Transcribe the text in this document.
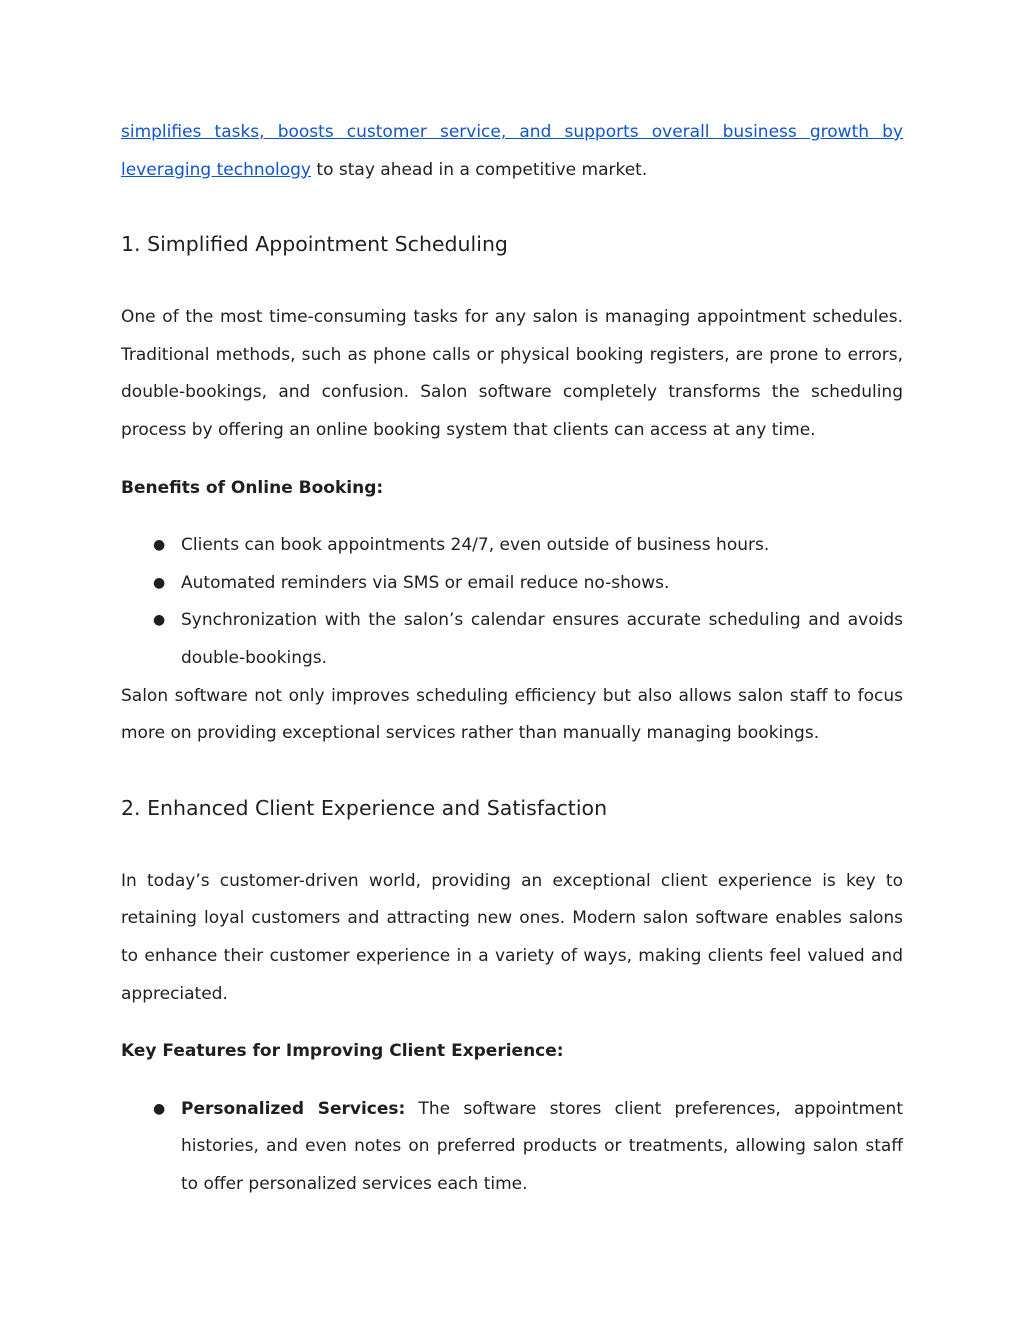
simplifies tasks, boosts customer service, and supports overall business growth by leveraging technology to stay ahead in a competitive market.

1. Simplified Appointment Scheduling

One of the most time-consuming tasks for any salon is managing appointment schedules. Traditional methods, such as phone calls or physical booking registers, are prone to errors, double-bookings, and confusion. Salon software completely transforms the scheduling process by offering an online booking system that clients can access at any time.

Benefits of Online Booking:

● Clients can book appointments 24/7, even outside of business hours.
● Automated reminders via SMS or email reduce no-shows.
● Synchronization with the salon’s calendar ensures accurate scheduling and avoids double-bookings.

Salon software not only improves scheduling efficiency but also allows salon staff to focus more on providing exceptional services rather than manually managing bookings.

2. Enhanced Client Experience and Satisfaction

In today’s customer-driven world, providing an exceptional client experience is key to retaining loyal customers and attracting new ones. Modern salon software enables salons to enhance their customer experience in a variety of ways, making clients feel valued and appreciated.

Key Features for Improving Client Experience:

● Personalized Services: The software stores client preferences, appointment histories, and even notes on preferred products or treatments, allowing salon staff to offer personalized services each time.
